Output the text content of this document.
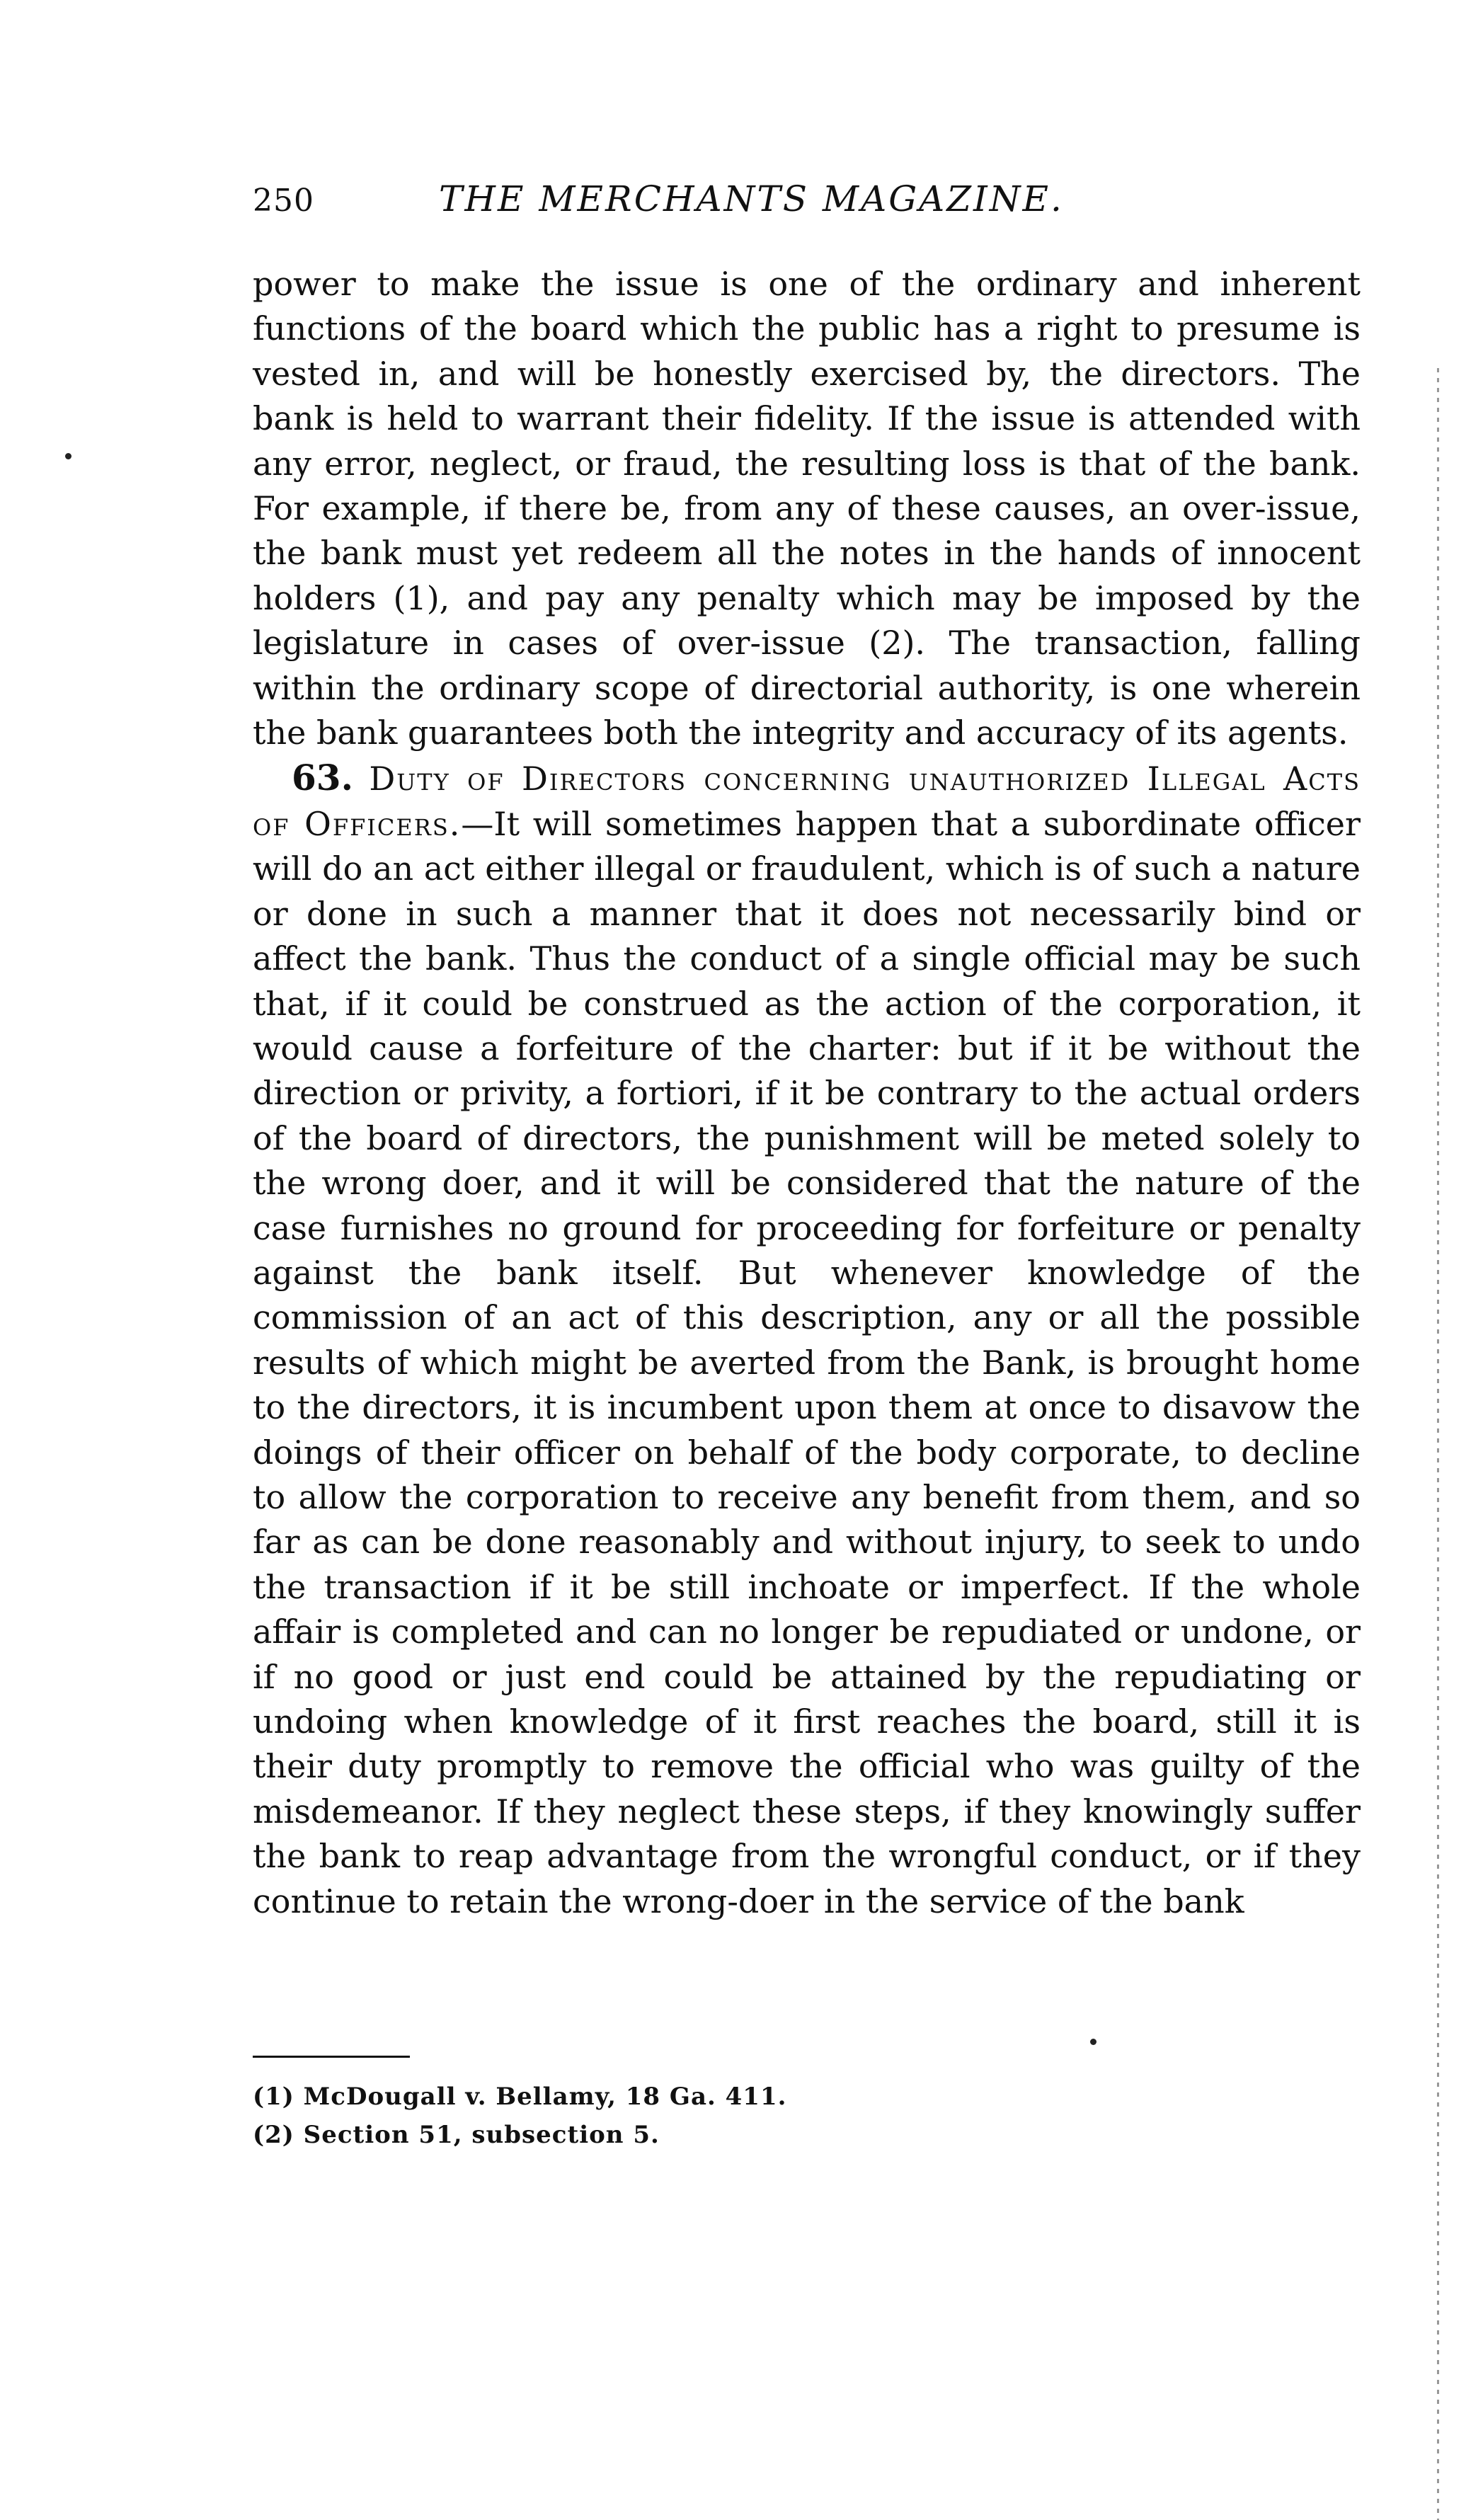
250	THE MERCHANTS MAGAZINE.

power to make the issue is one of the ordinary and inherent functions of the board which the public has a right to presume is vested in, and will be honestly exercised by, the directors. The bank is held to warrant their fidelity. If the issue is attended with any error, neglect, or fraud, the resulting loss is that of the bank. For example, if there be, from any of these causes, an over-issue, the bank must yet redeem all the notes in the hands of innocent holders (1), and pay any penalty which may be imposed by the legislature in cases of over-issue (2). The transaction, falling within the ordinary scope of directorial authority, is one wherein the bank guarantees both the integrity and accuracy of its agents.

63. Duty of Directors concerning unauthorized Illegal Acts of Officers.—It will sometimes happen that a subordinate officer will do an act either illegal or fraudulent, which is of such a nature or done in such a manner that it does not necessarily bind or affect the bank. Thus the conduct of a single official may be such that, if it could be construed as the action of the corporation, it would cause a forfeiture of the charter: but if it be without the direction or privity, a fortiori, if it be contrary to the actual orders of the board of directors, the punishment will be meted solely to the wrong doer, and it will be considered that the nature of the case furnishes no ground for proceeding for forfeiture or penalty against the bank itself. But whenever knowledge of the commission of an act of this description, any or all the possible results of which might be averted from the Bank, is brought home to the directors, it is incumbent upon them at once to disavow the doings of their officer on behalf of the body corporate, to decline to allow the corporation to receive any benefit from them, and so far as can be done reasonably and without injury, to seek to undo the transaction if it be still inchoate or imperfect. If the whole affair is completed and can no longer be repudiated or undone, or if no good or just end could be attained by the repudiating or undoing when knowledge of it first reaches the board, still it is their duty promptly to remove the official who was guilty of the misdemeanor. If they neglect these steps, if they knowingly suffer the bank to reap advantage from the wrongful conduct, or if they continue to retain the wrong-doer in the service of the bank

(1) McDougall v. Bellamy, 18 Ga. 411.
(2) Section 51, subsection 5.
